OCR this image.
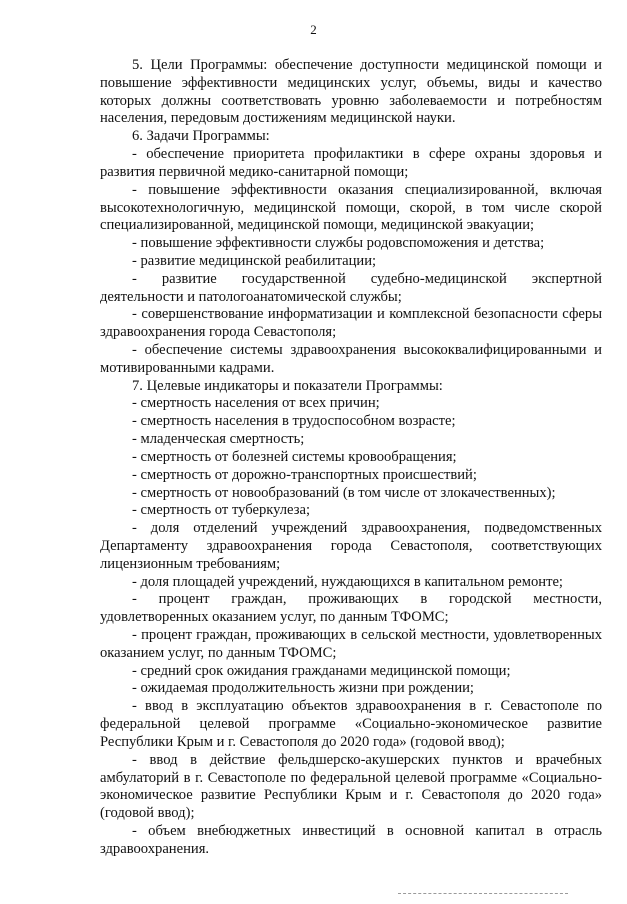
2

5. Цели Программы: обеспечение доступности медицинской помощи и повышение эффективности медицинских услуг, объемы, виды и качество которых должны соответствовать уровню заболеваемости и потребностям населения, передовым достижениям медицинской науки.

6. Задачи Программы:

- обеспечение приоритета профилактики в сфере охраны здоровья и развития первичной медико-санитарной помощи;

- повышение эффективности оказания специализированной, включая высокотехнологичную, медицинской помощи, скорой, в том числе скорой специализированной, медицинской помощи, медицинской эвакуации;

- повышение эффективности службы родовспоможения и детства;

- развитие медицинской реабилитации;

- развитие государственной судебно-медицинской экспертной деятельности и патологоанатомической службы;

- совершенствование информатизации и комплексной безопасности сферы здравоохранения города Севастополя;

- обеспечение системы здравоохранения высококвалифицированными и мотивированными кадрами.

7. Целевые индикаторы и показатели Программы:

- смертность населения от всех причин;

- смертность населения в трудоспособном возрасте;

- младенческая смертность;

- смертность от болезней системы кровообращения;

- смертность от дорожно-транспортных происшествий;

- смертность от новообразований (в том числе от злокачественных);

- смертность от туберкулеза;

- доля отделений учреждений здравоохранения, подведомственных Департаменту здравоохранения города Севастополя, соответствующих лицензионным требованиям;

- доля площадей учреждений, нуждающихся в капитальном ремонте;

- процент граждан, проживающих в городской местности, удовлетворенных оказанием услуг, по данным ТФОМС;

- процент граждан, проживающих в сельской местности, удовлетворенных оказанием услуг, по данным ТФОМС;

- средний срок ожидания гражданами медицинской помощи;

- ожидаемая продолжительность жизни при рождении;

- ввод в эксплуатацию объектов здравоохранения в г. Севастополе по федеральной целевой программе «Социально-экономическое развитие Республики Крым и г. Севастополя до 2020 года» (годовой ввод);

- ввод в действие фельдшерско-акушерских пунктов и врачебных амбулаторий в г. Севастополе по федеральной целевой программе «Социально-экономическое развитие Республики Крым и г. Севастополя до 2020 года» (годовой ввод);

- объем внебюджетных инвестиций в основной капитал в отрасль здравоохранения.
